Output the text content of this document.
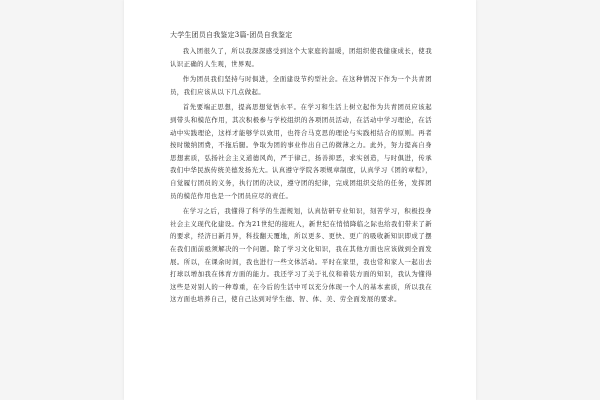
大学生团员自我鉴定3篇-团员自我鉴定

我入团很久了，所以我深深感受到这个大家庭的温暖，团组织使我健康成长，使我认识正确的人生观，世界观。

作为团员我们坚持与时俱进，全面建设节约型社会。在这种情况下作为一个共青团员，我们应该从以下几点做起。

首先要端正思想，提高思想觉悟水平。在学习和生活上树立起作为共青团员应该起到带头和模范作用，其次积极参与学校组织的各项团员活动，在活动中学习理论，在活动中实践理论，这样才能够学以致用，也符合马克思的理论与实践相结合的原则。再者按时缴纳团费，不拖后腿。争取为团的事业作出自己的微薄之力。此外，努力提高自身思想素质，弘扬社会主义道德风尚，严于律己，扬善抑恶，求实创造，与时俱进，传承我们中华民族传统美德发扬光大。认真遵守学院各项规章制度，认真学习《团的章程》，自觉履行团员的义务，执行团的决议，遵守团的纪律，完成团组织交给的任务，发挥团员的模范作用也是一个团员应尽的责任。

在学习之后，我懂得了科学的生涯规划，认真钻研专业知识，刻苦学习，积极投身社会主义现代化建设。作为21世纪的接班人，新世纪在悄悄降临之际也给我们带来了新的要求，经济日新月异，科技翻天覆地，所以更多、更快、更广的吸收新知识即成了摆在我们面前亟须解决的一个问题。除了学习文化知识，我在其他方面也应该做到全面发展。所以，在课余时间，我也进行一些文体活动。平时在家里，我也常和家人一起出去打球以增加我在体育方面的能力。我还学习了关于礼仪和着装方面的知识，我认为懂得这些是对别人的一种尊重，在今后的生活中可以充分体现一个人的基本素质，所以我在这方面也培养自己，使自己达到对学生德、智、体、美、劳全面发展的要求。
